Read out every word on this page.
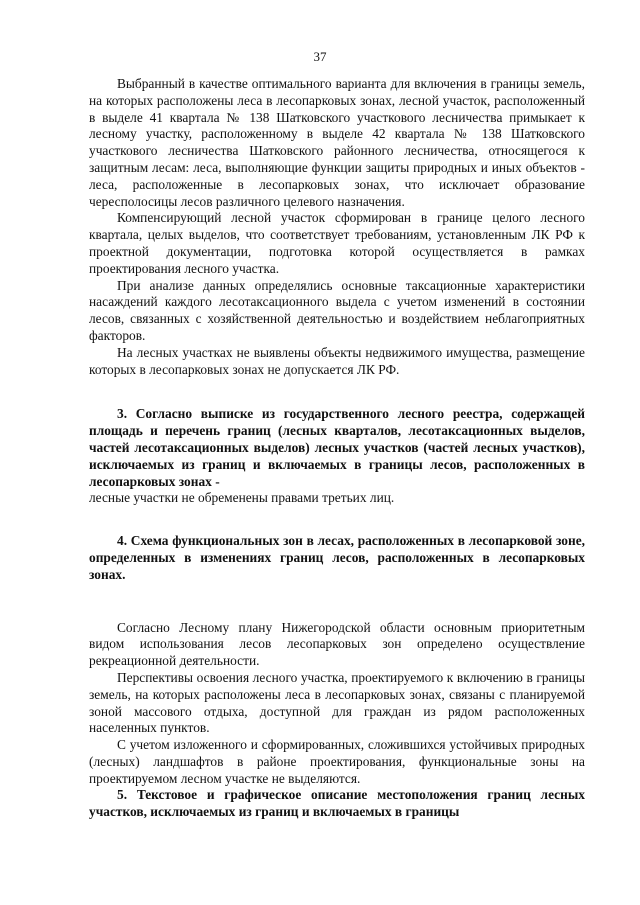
37

Выбранный в качестве оптимального варианта для включения в границы земель, на которых расположены леса в лесопарковых зонах, лесной участок, расположенный в выделе 41 квартала № 138 Шатковского участкового лесничества примыкает к лесному участку, расположенному в выделе 42 квартала № 138 Шатковского участкового лесничества Шатковского районного лесничества, относящегося к защитным лесам: леса, выполняющие функции защиты природных и иных объектов - леса, расположенные в лесопарковых зонах, что исключает образование чересполосицы лесов различного целевого назначения.

Компенсирующий лесной участок сформирован в границе целого лесного квартала, целых выделов, что соответствует требованиям, установленным ЛК РФ к проектной документации, подготовка которой осуществляется в рамках проектирования лесного участка.

При анализе данных определялись основные таксационные характеристики насаждений каждого лесотаксационного выдела с учетом изменений в состоянии лесов, связанных с хозяйственной деятельностью и воздействием неблагоприятных факторов.

На лесных участках не выявлены объекты недвижимого имущества, размещение которых в лесопарковых зонах не допускается ЛК РФ.

3. Согласно выписке из государственного лесного реестра, содержащей площадь и перечень границ (лесных кварталов, лесотаксационных выделов, частей лесотаксационных выделов) лесных участков (частей лесных участков), исключаемых из границ и включаемых в границы лесов, расположенных в лесопарковых зонах -

лесные участки не обременены правами третьих лиц.

4. Схема функциональных зон в лесах, расположенных в лесопарковой зоне, определенных в изменениях границ лесов, расположенных в лесопарковых зонах.

Согласно Лесному плану Нижегородской области основным приоритетным видом использования лесов лесопарковых зон определено осуществление рекреационной деятельности.

Перспективы освоения лесного участка, проектируемого к включению в границы земель, на которых расположены леса в лесопарковых зонах, связаны с планируемой зоной массового отдыха, доступной для граждан из рядом расположенных населенных пунктов.

С учетом изложенного и сформированных, сложившихся устойчивых природных (лесных) ландшафтов в районе проектирования, функциональные зоны на проектируемом лесном участке не выделяются.

5. Текстовое и графическое описание местоположения границ лесных участков, исключаемых из границ и включаемых в границы
